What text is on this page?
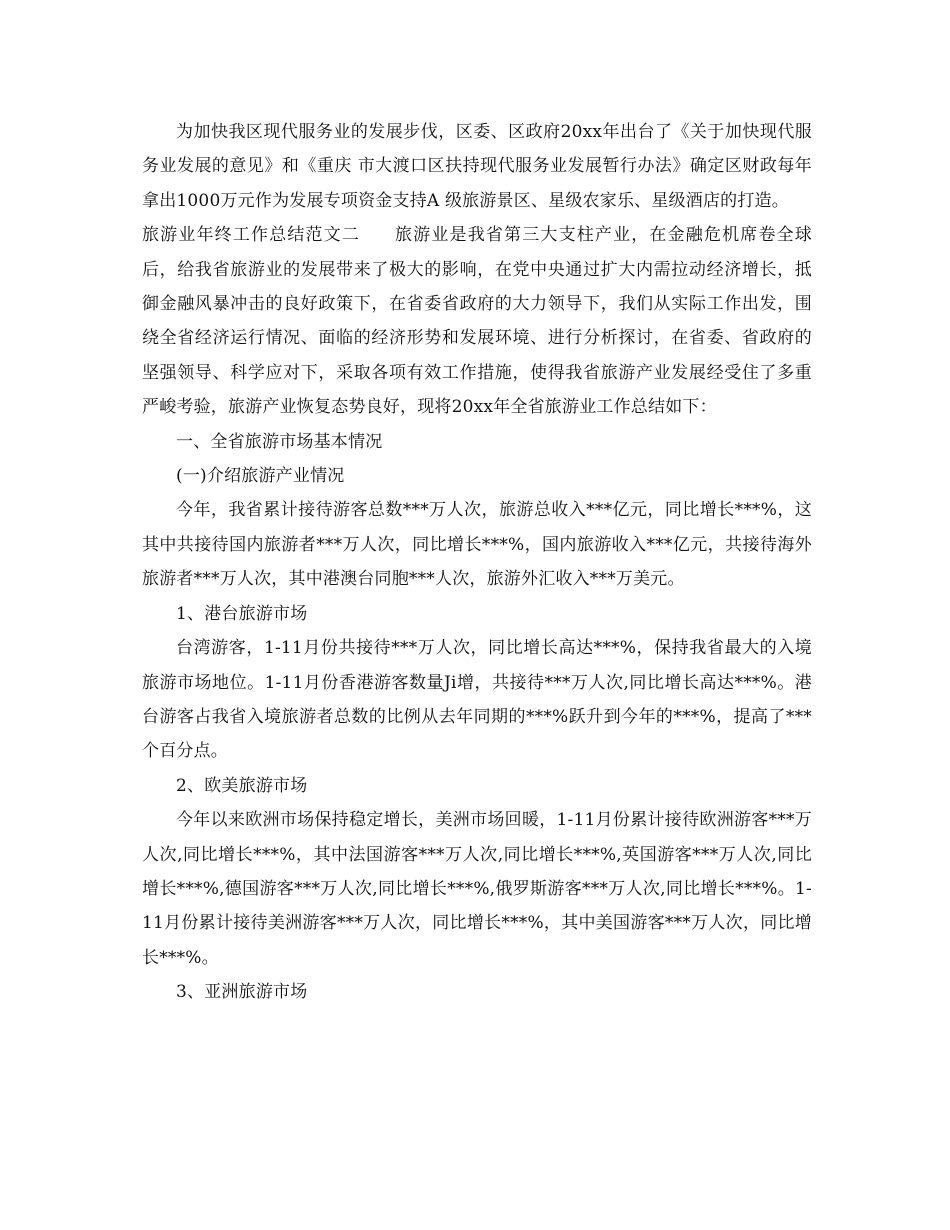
为加快我区现代服务业的发展步伐，区委、区政府20xx年出台了《关于加快现代服务业发展的意见》和《重庆 市大渡口区扶持现代服务业发展暂行办法》确定区财政每年拿出1000万元作为发展专项资金支持A 级旅游景区、星级农家乐、星级酒店的打造。

旅游业年终工作总结范文二 旅游业是我省第三大支柱产业，在金融危机席卷全球后，给我省旅游业的发展带来了极大的影响，在党中央通过扩大内需拉动经济增长，抵御金融风暴冲击的良好政策下，在省委省政府的大力领导下，我们从实际工作出发，围绕全省经济运行情况、面临的经济形势和发展环境、进行分析探讨，在省委、省政府的坚强领导、科学应对下，采取各项有效工作措施，使得我省旅游产业发展经受住了多重严峻考验，旅游产业恢复态势良好，现将20xx年全省旅游业工作总结如下：

一、全省旅游市场基本情况

(一)介绍旅游产业情况

今年，我省累计接待游客总数***万人次，旅游总收入***亿元，同比增长***%，这其中共接待国内旅游者***万人次，同比增长***%，国内旅游收入***亿元，共接待海外旅游者***万人次，其中港澳台同胞***人次，旅游外汇收入***万美元。

1、港台旅游市场

台湾游客，1-11月份共接待***万人次，同比增长高达***%，保持我省最大的入境旅游市场地位。1-11月份香港游客数量Ji增，共接待***万人次,同比增长高达***%。港台游客占我省入境旅游者总数的比例从去年同期的***%跃升到今年的***%，提高了***个百分点。

2、欧美旅游市场

今年以来欧洲市场保持稳定增长，美洲市场回暖，1-11月份累计接待欧洲游客***万人次,同比增长***%，其中法国游客***万人次,同比增长***%,英国游客***万人次,同比增长***%,德国游客***万人次,同比增长***%,俄罗斯游客***万人次,同比增长***%。1-11月份累计接待美洲游客***万人次，同比增长***%，其中美国游客***万人次，同比增长***%。

3、亚洲旅游市场
